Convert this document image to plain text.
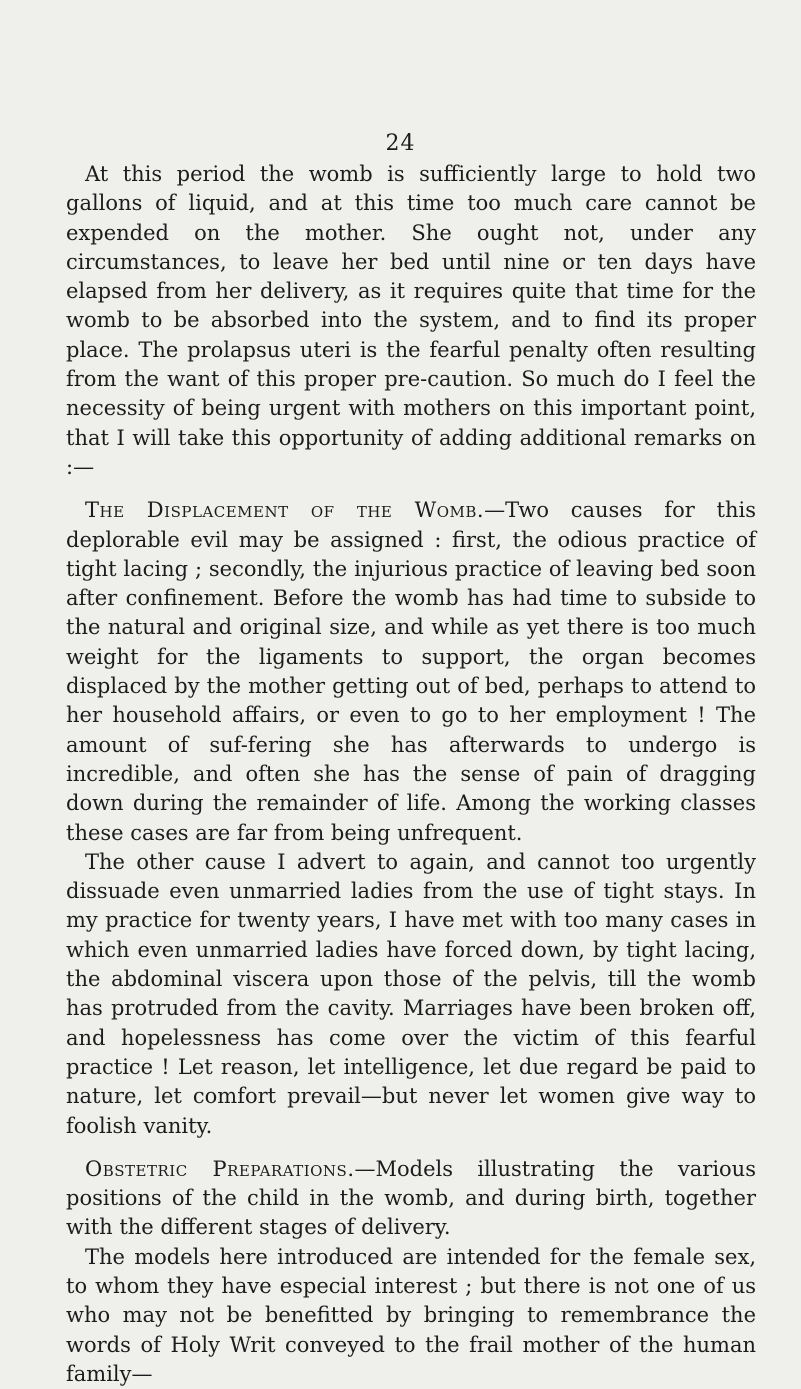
24

At this period the womb is sufficiently large to hold two gallons of liquid, and at this time too much care cannot be expended on the mother. She ought not, under any circumstances, to leave her bed until nine or ten days have elapsed from her delivery, as it requires quite that time for the womb to be absorbed into the system, and to find its proper place. The prolapsus uteri is the fearful penalty often resulting from the want of this proper pre-caution. So much do I feel the necessity of being urgent with mothers on this important point, that I will take this opportunity of adding additional remarks on :—

The Displacement of the Womb.—Two causes for this deplorable evil may be assigned : first, the odious practice of tight lacing ; secondly, the injurious practice of leaving bed soon after confinement. Before the womb has had time to subside to the natural and original size, and while as yet there is too much weight for the ligaments to support, the organ becomes displaced by the mother getting out of bed, perhaps to attend to her household affairs, or even to go to her employment ! The amount of suf-fering she has afterwards to undergo is incredible, and often she has the sense of pain of dragging down during the remainder of life. Among the working classes these cases are far from being unfrequent.

The other cause I advert to again, and cannot too urgently dissuade even unmarried ladies from the use of tight stays. In my practice for twenty years, I have met with too many cases in which even unmarried ladies have forced down, by tight lacing, the abdominal viscera upon those of the pelvis, till the womb has protruded from the cavity. Marriages have been broken off, and hopelessness has come over the victim of this fearful practice ! Let reason, let intelligence, let due regard be paid to nature, let comfort prevail—but never let women give way to foolish vanity.

Obstetric Preparations.—Models illustrating the various positions of the child in the womb, and during birth, together with the different stages of delivery.

The models here introduced are intended for the female sex, to whom they have especial interest ; but there is not one of us who may not be benefitted by bringing to remembrance the words of Holy Writ conveyed to the frail mother of the human family—
